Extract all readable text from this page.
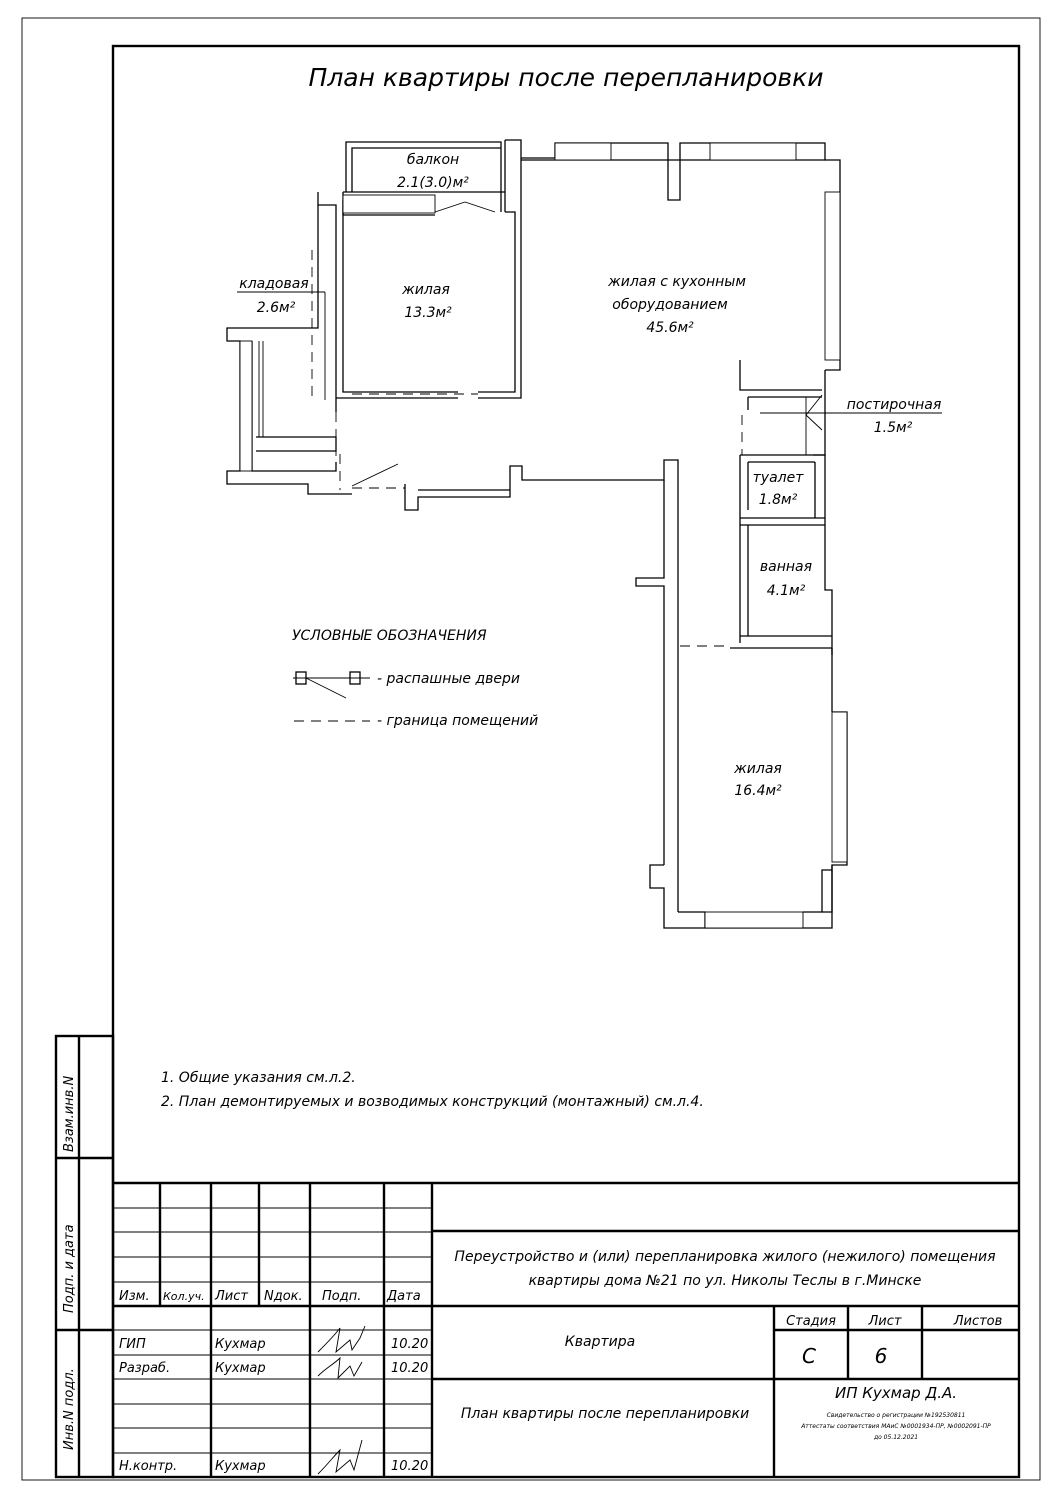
План квартиры после перепланировки
балкон
2.1(3.0)м²
кладовая
2.6м²
жилая
13.3м²
жилая с кухонным
оборудованием
45.6м²
постирочная
1.5м²
туалет
1.8м²
ванная
4.1м²
жилая
16.4м²
УСЛОВНЫЕ ОБОЗНАЧЕНИЯ
- распашные двери
- граница помещений
1. Общие указания см.л.2.
2. План демонтируемых и возводимых конструкций (монтажный) см.л.4.
Взам.инв.N
Подп. и дата
Инв.N подл.
Изм. Кол.уч. Лист Nдок. Подп. Дата
ГИП	Кухмар	10.20
Разраб.	Кухмар	10.20
Н.контр.	Кухмар	10.20
Переустройство и (или) перепланировка жилого (нежилого) помещения
квартиры дома №21 по ул. Николы Теслы в г.Минске
Квартира
План квартиры после перепланировки
Стадия	Лист	Листов
С	6
ИП Кухмар Д.А.
Свидетельство о регистрации №192530811
Аттестаты соответствия МАиС №0001934-ПР, №0002091-ПР
до 05.12.2021
